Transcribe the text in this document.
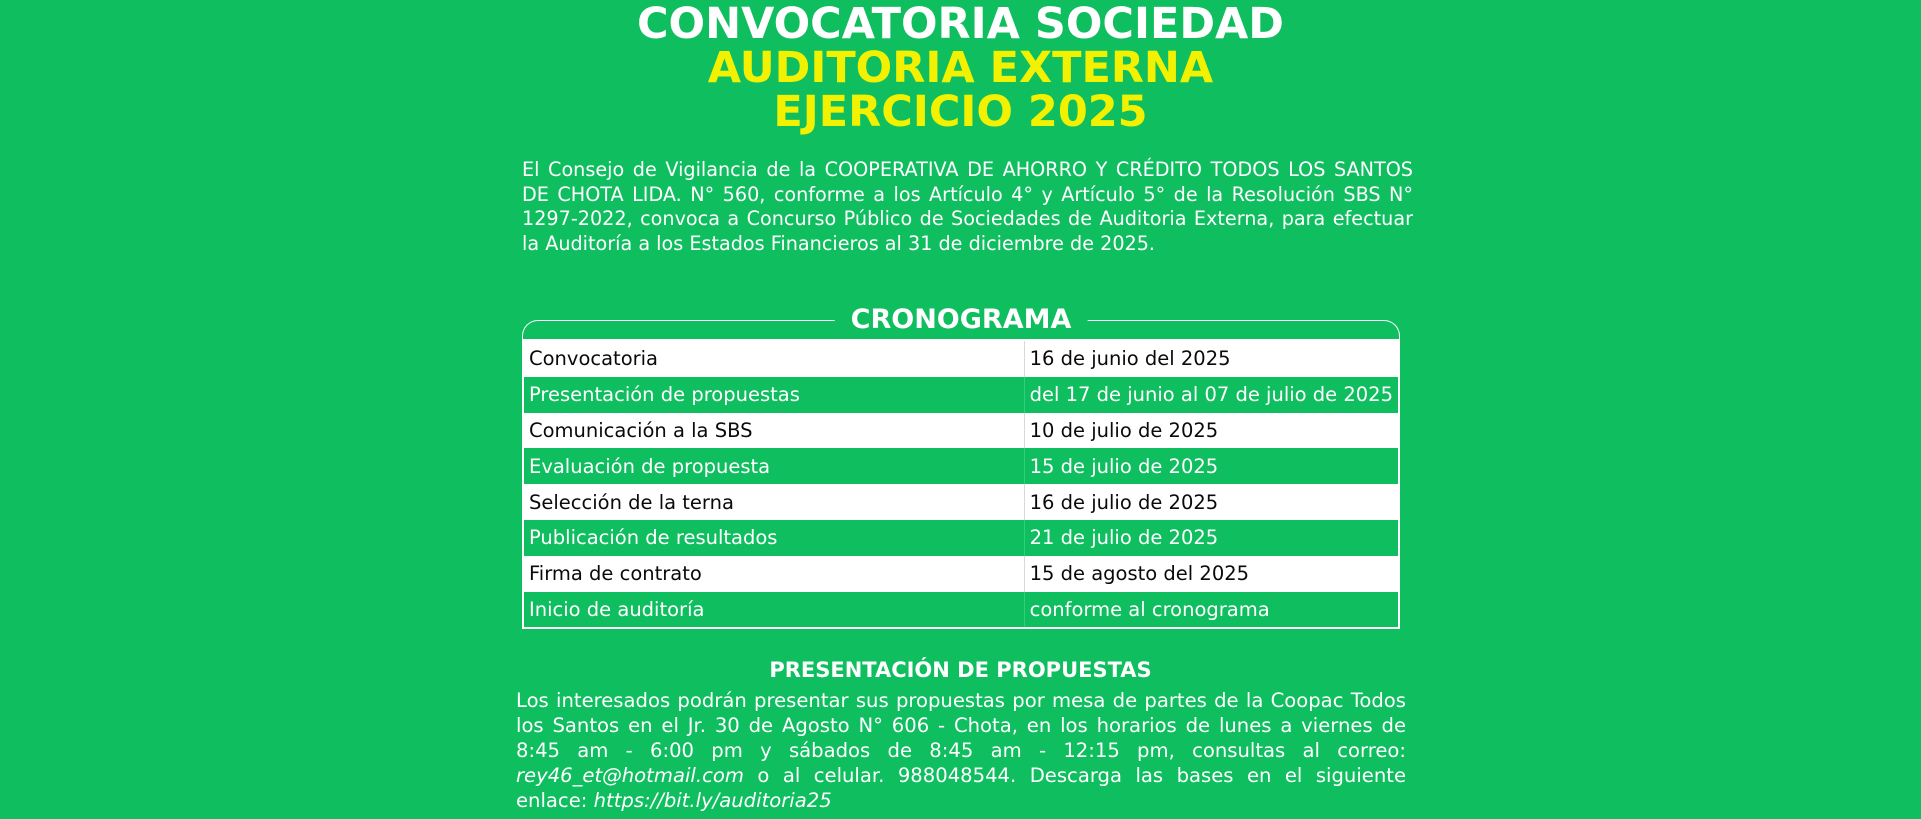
CONVOCATORIA SOCIEDAD
AUDITORIA EXTERNA
EJERCICIO 2025
El Consejo de Vigilancia de la COOPERATIVA DE AHORRO Y CRÉDITO TODOS LOS SANTOS DE CHOTA LIDA. N° 560, conforme a los Artículo 4° y Artículo 5° de la Resolución SBS N° 1297-2022, convoca a Concurso Público de Sociedades de Auditoria Externa, para efectuar la Auditoría a los Estados Financieros al 31 de diciembre de 2025.
CRONOGRAMA
Convocatoria	16 de junio del 2025
Presentación de propuestas	del 17 de junio al 07 de julio de 2025
Comunicación a la SBS	10 de julio de 2025
Evaluación de propuesta	15 de julio de 2025
Selección de la terna	16 de julio de 2025
Publicación de resultados	21 de julio de 2025
Firma de contrato	15 de agosto del 2025
Inicio de auditoría	conforme al cronograma
PRESENTACIÓN DE PROPUESTAS
Los interesados podrán presentar sus propuestas por mesa de partes de la Coopac Todos los Santos en el Jr. 30 de Agosto N° 606 - Chota, en los horarios de lunes a viernes de 8:45 am - 6:00 pm y sábados de 8:45 am - 12:15 pm, consultas al correo: rey46_et@hotmail.com o al celular. 988048544. Descarga las bases en el siguiente enlace: https://bit.ly/auditoria25
